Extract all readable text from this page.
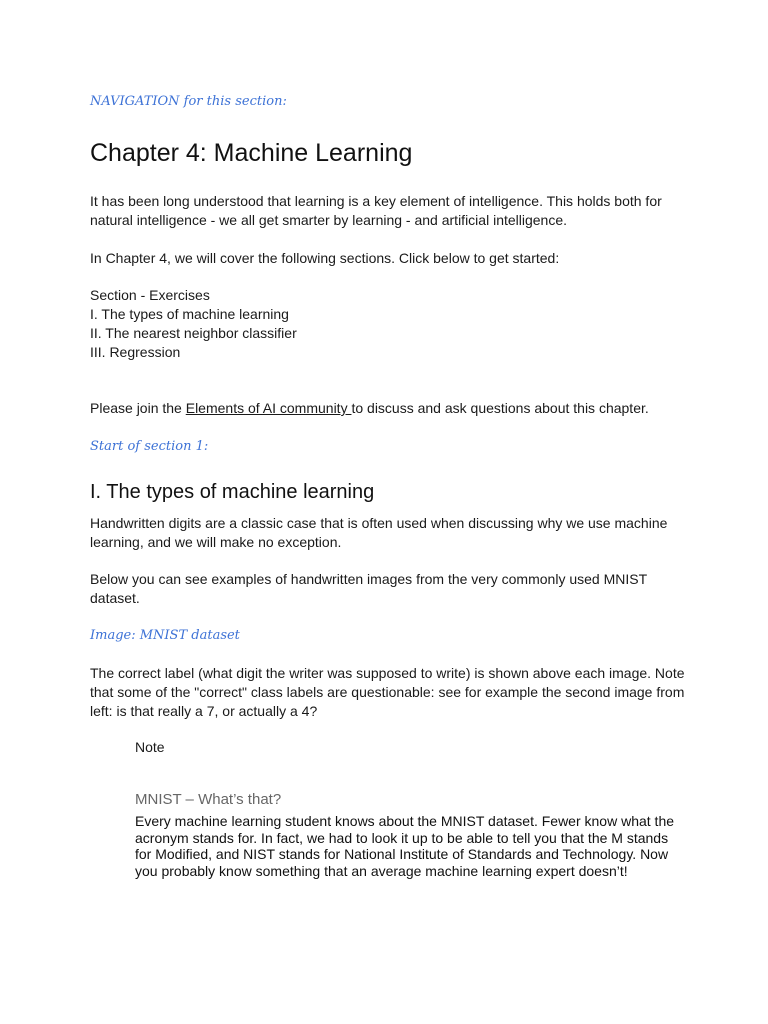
NAVIGATION for this section:
Chapter 4: Machine Learning
It has been long understood that learning is a key element of intelligence. This holds both for natural intelligence - we all get smarter by learning - and artificial intelligence.
In Chapter 4, we will cover the following sections. Click below to get started:
Section - Exercises
I. The types of machine learning
II. The nearest neighbor classifier
III. Regression
Please join the Elements of AI community to discuss and ask questions about this chapter.
Start of section 1:
I. The types of machine learning
Handwritten digits are a classic case that is often used when discussing why we use machine learning, and we will make no exception.
Below you can see examples of handwritten images from the very commonly used MNIST dataset.
Image: MNIST dataset
The correct label (what digit the writer was supposed to write) is shown above each image. Note that some of the "correct" class labels are questionable: see for example the second image from left: is that really a 7, or actually a 4?
Note
MNIST – What’s that?
Every machine learning student knows about the MNIST dataset. Fewer know what the acronym stands for. In fact, we had to look it up to be able to tell you that the M stands for Modified, and NIST stands for National Institute of Standards and Technology. Now you probably know something that an average machine learning expert doesn’t!
